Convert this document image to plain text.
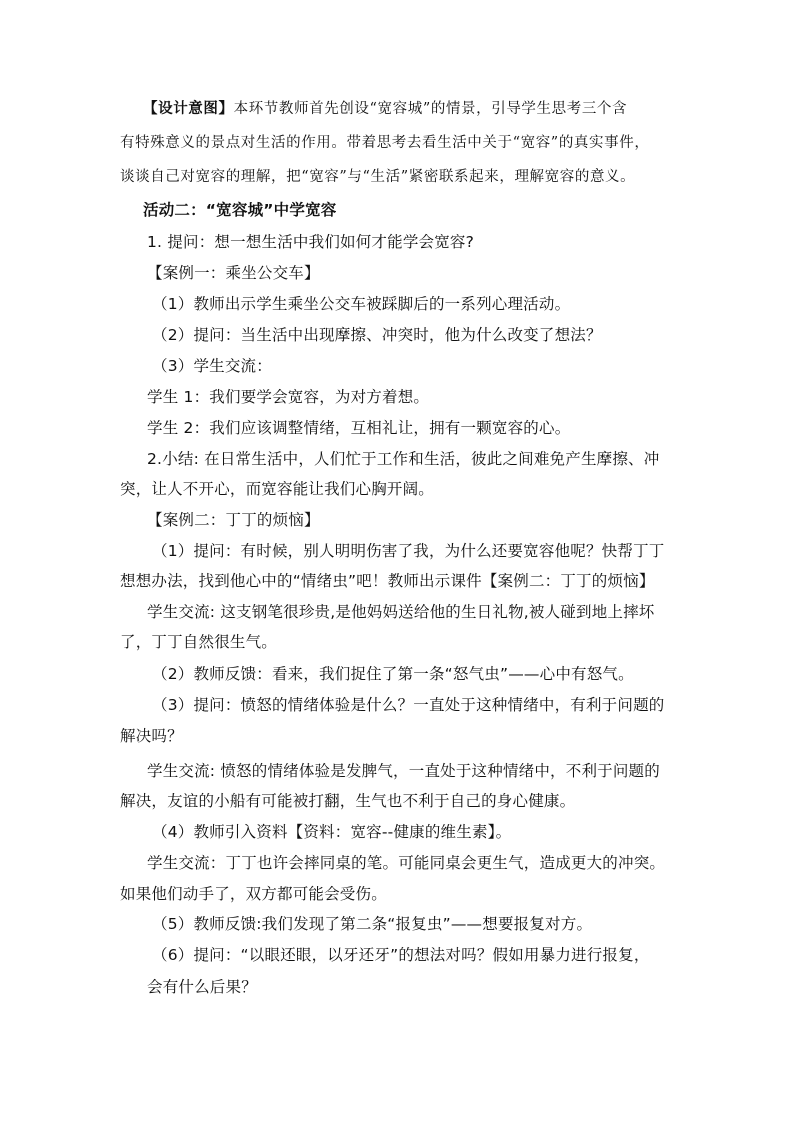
【设计意图】本环节教师首先创设“宽容城”的情景，引导学生思考三个含
有特殊意义的景点对生活的作用。带着思考去看生活中关于“宽容”的真实事件，
谈谈自己对宽容的理解，把“宽容”与“生活”紧密联系起来，理解宽容的意义。
活动二：“宽容城”中学宽容
1. 提问：想一想生活中我们如何才能学会宽容?
【案例一：乘坐公交车】
（1）教师出示学生乘坐公交车被踩脚后的一系列心理活动。
（2）提问：当生活中出现摩擦、冲突时，他为什么改变了想法？
（3）学生交流：
学生 1：我们要学会宽容，为对方着想。
学生 2：我们应该调整情绪，互相礼让，拥有一颗宽容的心。
2.小结: 在日常生活中，人们忙于工作和生活，彼此之间难免产生摩擦、冲
突，让人不开心，而宽容能让我们心胸开阔。
【案例二：丁丁的烦恼】
（1）提问：有时候，别人明明伤害了我，为什么还要宽容他呢？快帮丁丁
想想办法，找到他心中的“情绪虫”吧！教师出示课件【案例二：丁丁的烦恼】
学生交流: 这支钢笔很珍贵,是他妈妈送给他的生日礼物,被人碰到地上摔坏
了，丁丁自然很生气。
（2）教师反馈：看来，我们捉住了第一条“怒气虫”——心中有怒气。
（3）提问：愤怒的情绪体验是什么？一直处于这种情绪中，有利于问题的
解决吗？
学生交流: 愤怒的情绪体验是发脾气，一直处于这种情绪中，不利于问题的
解决，友谊的小船有可能被打翻，生气也不利于自己的身心健康。
（4）教师引入资料【资料：宽容--健康的维生素】。
学生交流：丁丁也许会摔同桌的笔。可能同桌会更生气，造成更大的冲突。
如果他们动手了，双方都可能会受伤。
（5）教师反馈:我们发现了第二条“报复虫”——想要报复对方。
（6）提问：“以眼还眼，以牙还牙”的想法对吗？假如用暴力进行报复，
会有什么后果？
